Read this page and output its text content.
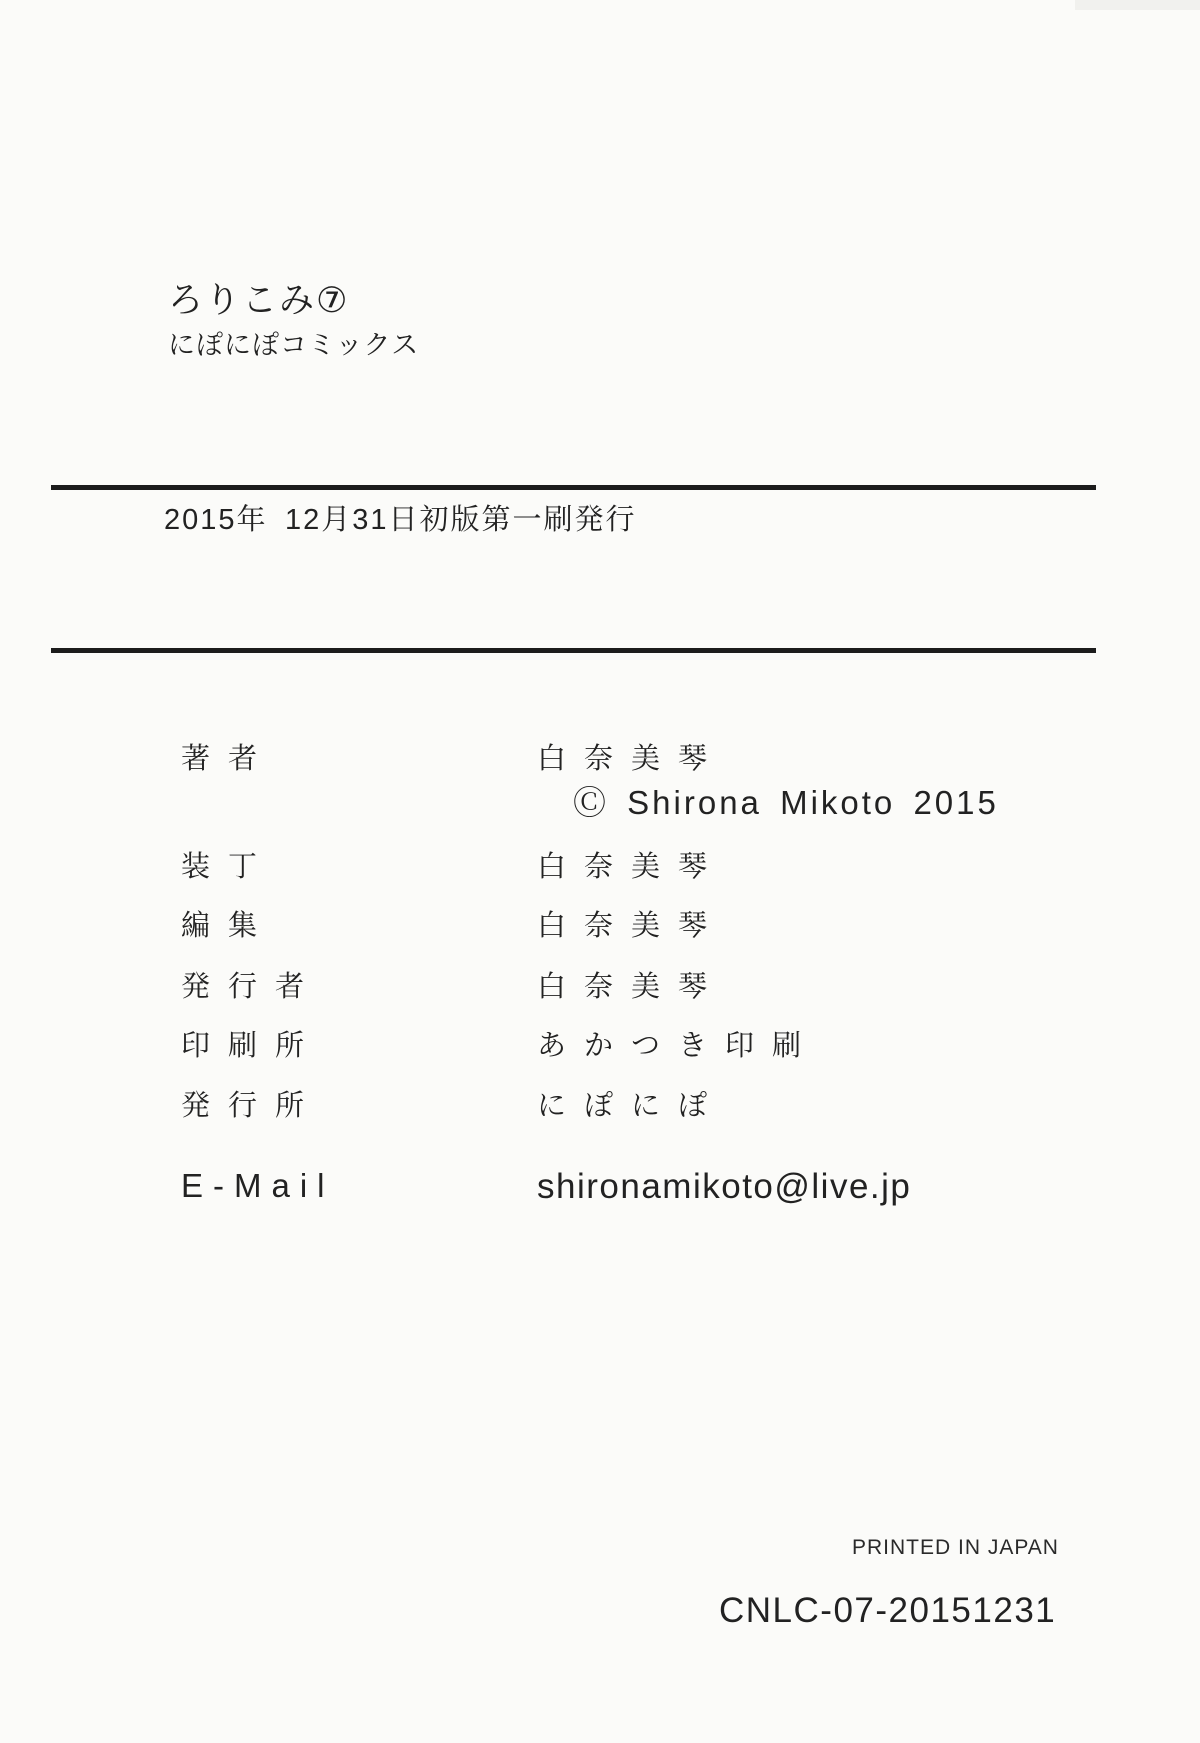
ろりこみ⑦
にぽにぽコミックス
2015年 12月31日初版第一刷発行
著者	白奈美琴
Ⓒ Shirona Mikoto 2015
装丁	白奈美琴
編集	白奈美琴
発行者	白奈美琴
印刷所	あかつき印刷
発行所	にぽにぽ
E-Mail	shironamikoto@live.jp
PRINTED IN JAPAN
CNLC-07-20151231
